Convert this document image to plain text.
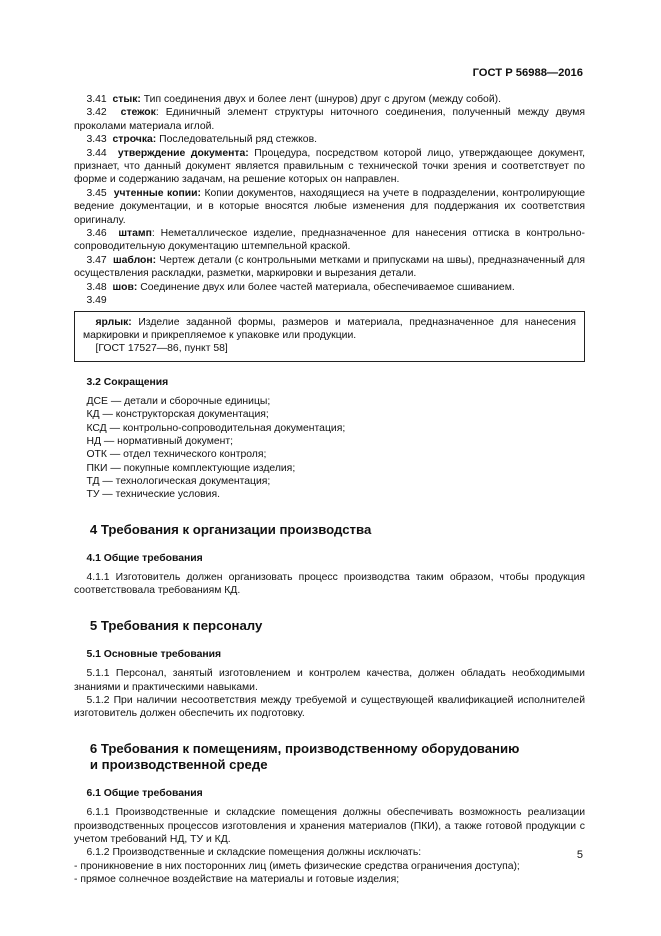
ГОСТ Р 56988—2016

3.41 стык: Тип соединения двух и более лент (шнуров) друг с другом (между собой).

3.42 стежок: Единичный элемент структуры ниточного соединения, полученный между двумя проколами материала иглой.

3.43 строчка: Последовательный ряд стежков.

3.44 утверждение документа: Процедура, посредством которой лицо, утверждающее документ, признает, что данный документ является правильным с технической точки зрения и соответствует по форме и содержанию задачам, на решение которых он направлен.

3.45 учтенные копии: Копии документов, находящиеся на учете в подразделении, контролирующие ведение документации, и в которые вносятся любые изменения для поддержания их соответствия оригиналу.

3.46 штамп: Неметаллическое изделие, предназначенное для нанесения оттиска в контрольно-сопроводительную документацию штемпельной краской.

3.47 шаблон: Чертеж детали (с контрольными метками и припусками на швы), предназначенный для осуществления раскладки, разметки, маркировки и вырезания детали.

3.48 шов: Соединение двух или более частей материала, обеспечиваемое сшиванием.

3.49

ярлык: Изделие заданной формы, размеров и материала, предназначенное для нанесения маркировки и прикрепляемое к упаковке или продукции.

[ГОСТ 17527—86, пункт 58]

3.2 Сокращения

ДСЕ — детали и сборочные единицы;

КД — конструкторская документация;

КСД — контрольно-сопроводительная документация;

НД — нормативный документ;

ОТК — отдел технического контроля;

ПКИ — покупные комплектующие изделия;

ТД — технологическая документация;

ТУ — технические условия.

4 Требования к организации производства

4.1 Общие требования

4.1.1 Изготовитель должен организовать процесс производства таким образом, чтобы продукция соответствовала требованиям КД.

5 Требования к персоналу

5.1 Основные требования

5.1.1 Персонал, занятый изготовлением и контролем качества, должен обладать необходимыми знаниями и практическими навыками.

5.1.2 При наличии несоответствия между требуемой и существующей квалификацией исполнителей изготовитель должен обеспечить их подготовку.

6 Требования к помещениям, производственному оборудованию

и производственной среде

6.1 Общие требования

6.1.1 Производственные и складские помещения должны обеспечивать возможность реализации производственных процессов изготовления и хранения материалов (ПКИ), а также готовой продукции с учетом требований НД, ТУ и КД.

6.1.2 Производственные и складские помещения должны исключать:

- проникновение в них посторонних лиц (иметь физические средства ограничения доступа);

- прямое солнечное воздействие на материалы и готовые изделия;

5
